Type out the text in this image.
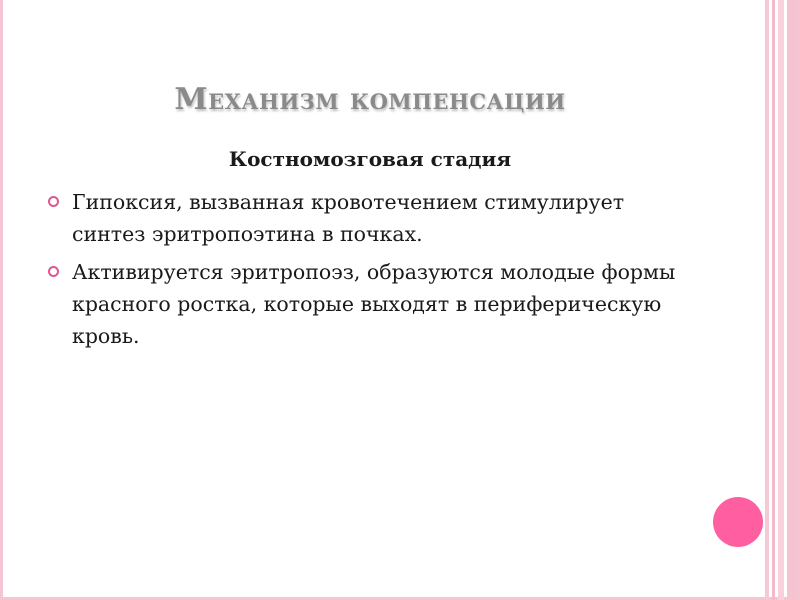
Механизм компенсации
Костномозговая стадия
Гипоксия, вызванная кровотечением стимулирует синтез эритропоэтина в почках.
Активируется эритропоэз, образуются молодые формы красного ростка, которые выходят в периферическую кровь.
